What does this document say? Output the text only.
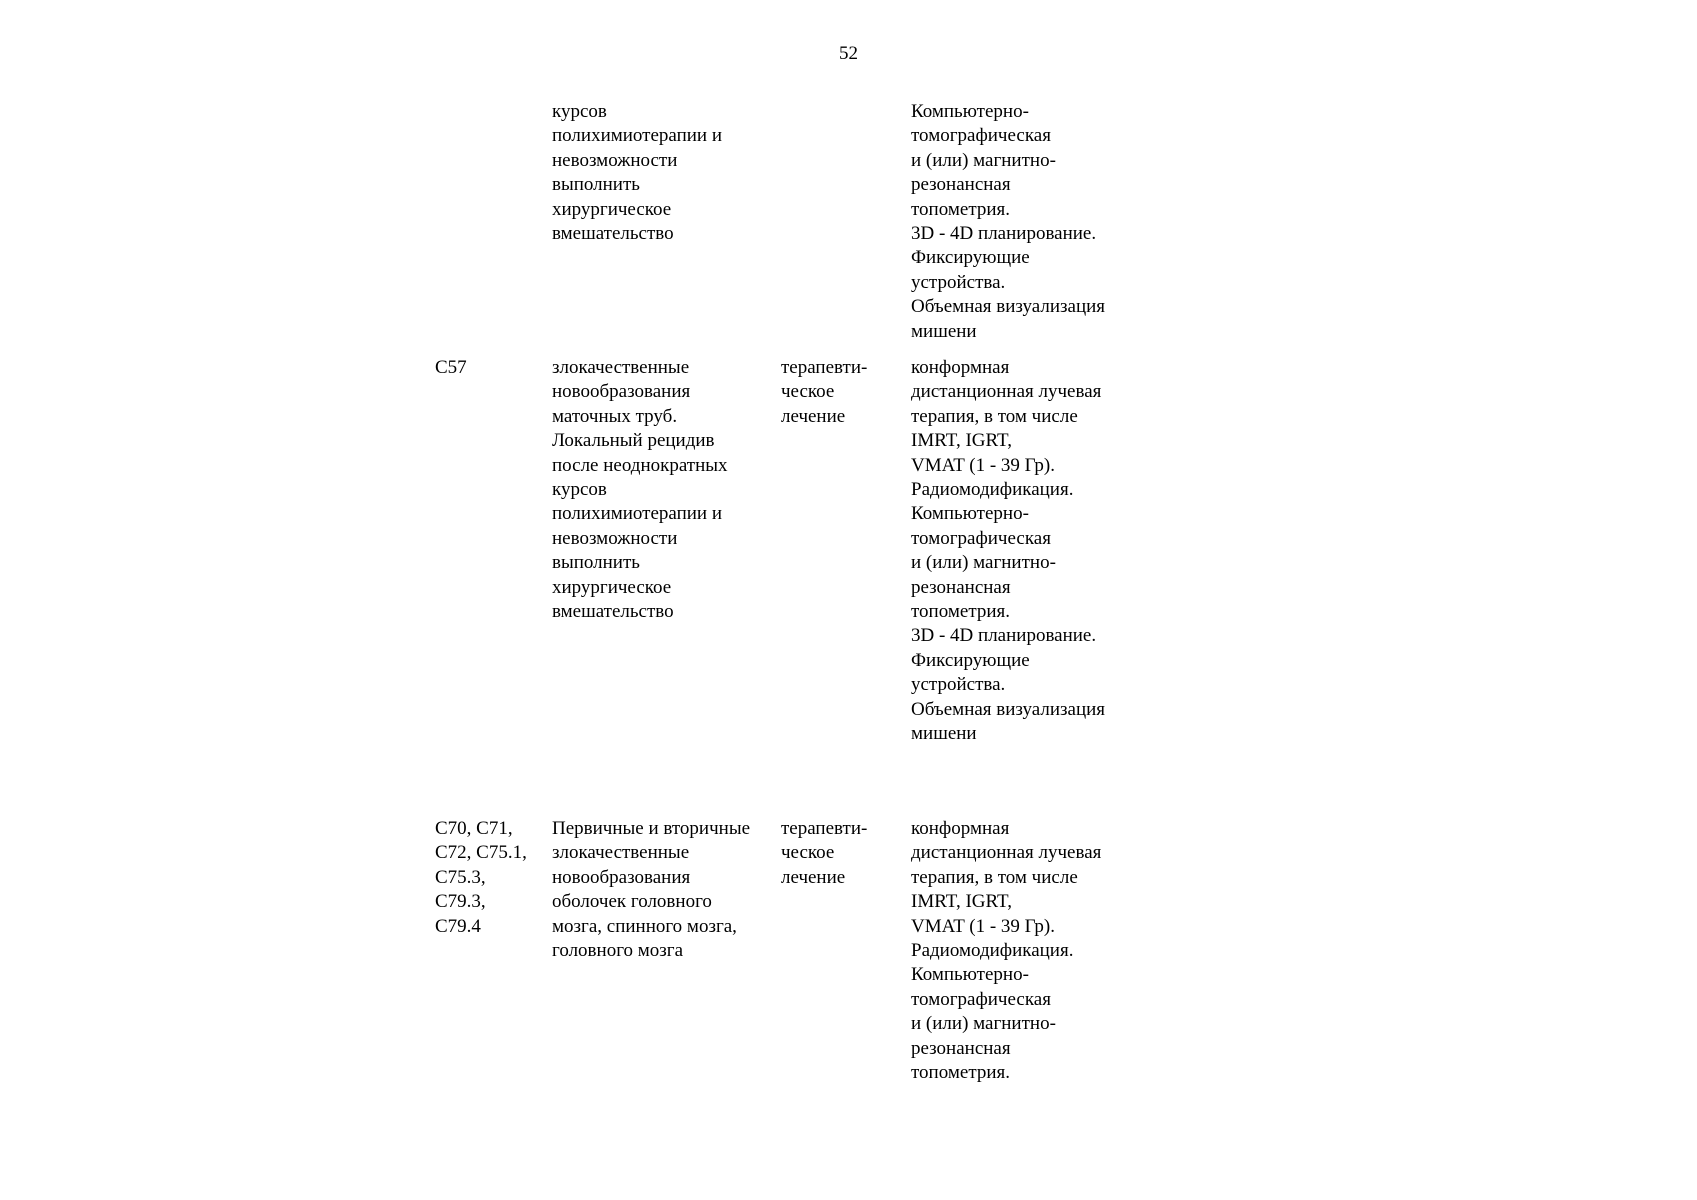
52
курсов
полихимиотерапии и
невозможности
выполнить
хирургическое
вмешательство
Компьютерно-
томографическая
и (или) магнитно-
резонансная
топометрия.
3D - 4D планирование.
Фиксирующие
устройства.
Объемная визуализация
мишени
C57	злокачественные
новообразования
маточных труб.
Локальный рецидив
после неоднократных
курсов
полихимиотерапии и
невозможности
выполнить
хирургическое
вмешательство
терапевти-
ческое
лечение
конформная
дистанционная лучевая
терапия, в том числе
IMRT, IGRT,
VMAT (1 - 39 Гр).
Радиомодификация.
Компьютерно-
томографическая
и (или) магнитно-
резонансная
топометрия.
3D - 4D планирование.
Фиксирующие
устройства.
Объемная визуализация
мишени
C70, C71,
C72, C75.1,
C75.3,
C79.3,
C79.4
Первичные и вторичные
злокачественные
новообразования
оболочек головного
мозга, спинного мозга,
головного мозга
терапевти-
ческое
лечение
конформная
дистанционная лучевая
терапия, в том числе
IMRT, IGRT,
VMAT (1 - 39 Гр).
Радиомодификация.
Компьютерно-
томографическая
и (или) магнитно-
резонансная
топометрия.
